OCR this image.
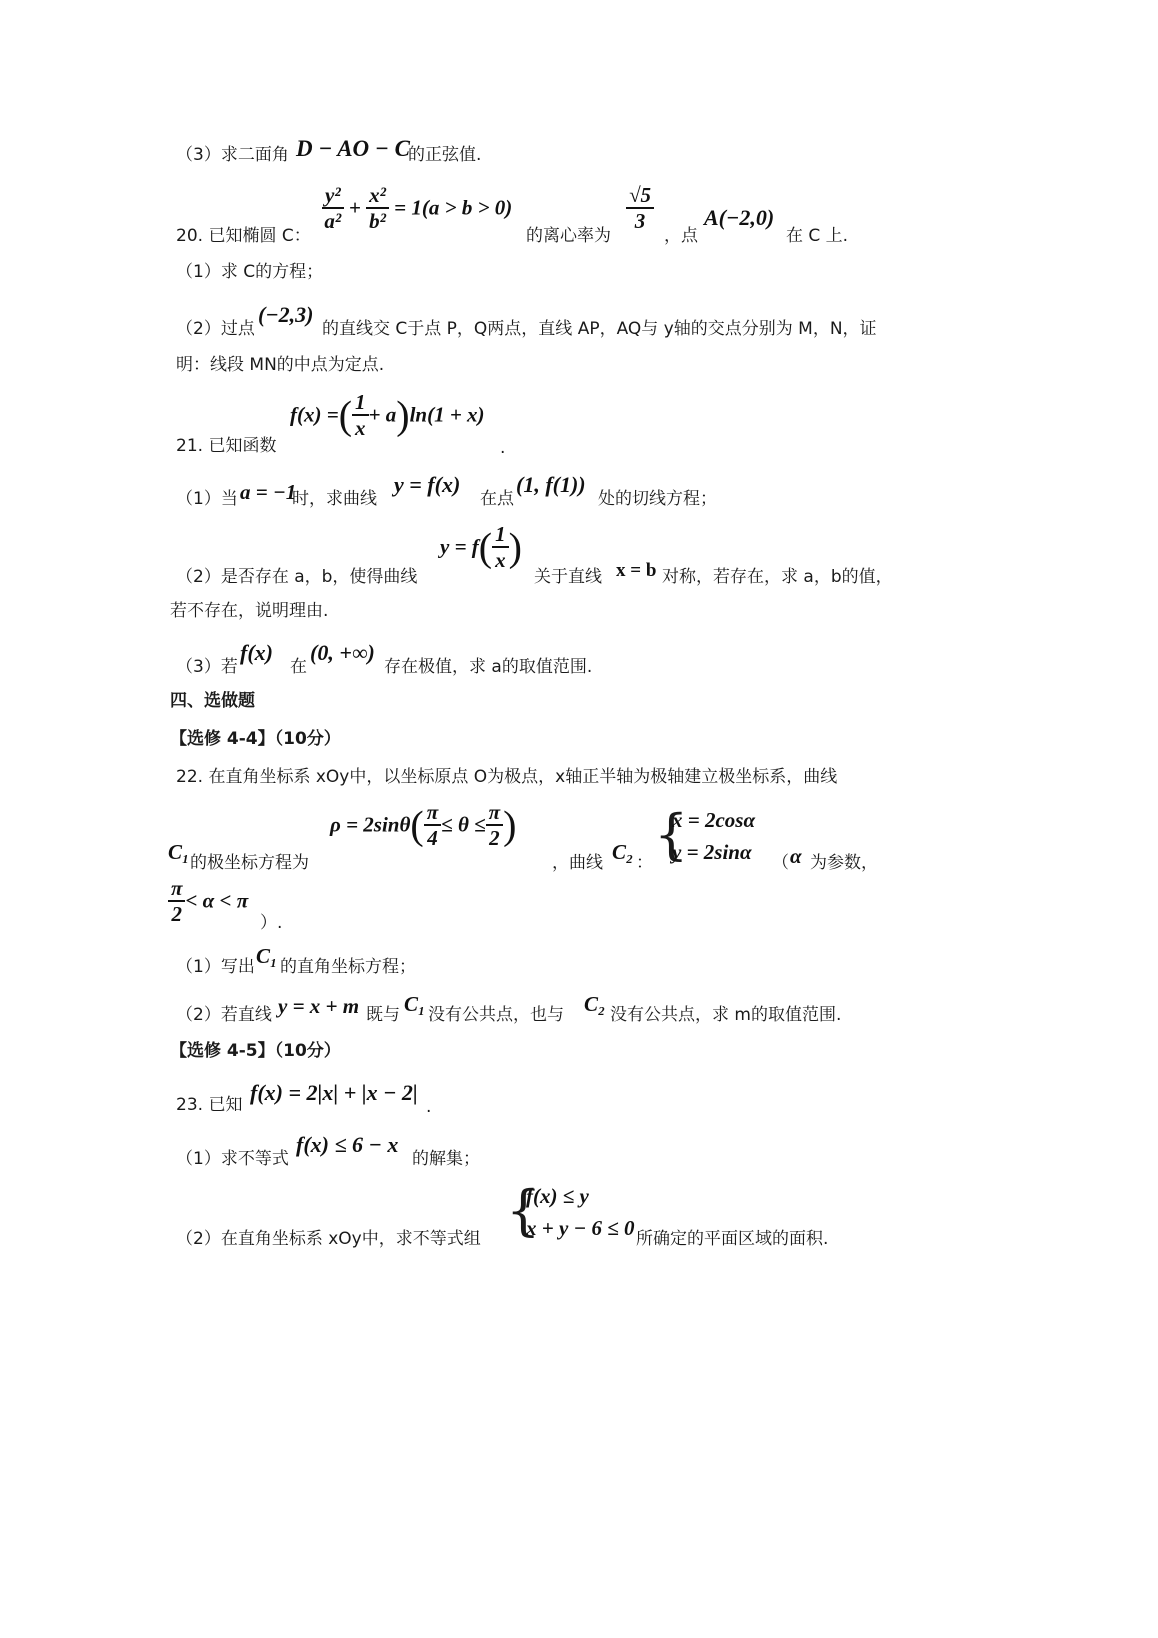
（3）求二面角 D − AO − C
的正弦值.
20. 已知椭圆 C：
$\frac{\text{y²}}{\text{a²}} + \frac{\text{x²}}{\text{b²}} = 1(a > b > 0)$
的离心率为
$\frac{√5}{3}$
，点
A(−2,0)
在 C 上.
（1）求 C的方程；
（2）过点
(−2,3)
的直线交 C于点 P，Q两点，直线 AP，AQ与 y轴的交点分别为 M，N，证
明：线段 MN的中点为定点.
21. 已知函数
f(x) =( $\frac{1}{x} + a)\ln(1 + x)$
.
（1）当 a = −1
时，求曲线
y = f(x)
在点
(1, f(1))
处的切线方程；
（2）是否存在 a，b，使得曲线
$y = f( \frac{1}{x}$ )
关于直线 x = b 对称，若存在，求 a，b的值，
若不存在，说明理由.
（3）若
f(x)
在
(0, +∞)
存在极值，求 a的取值范围.
四、选做题
【选修 4-4】（10分）
22. 在直角坐标系 xOy中，以坐标原点 O为极点，x轴正半轴为极轴建立极坐标系，曲线
C₁ 的极坐标方程为
$\rho = 2\sin\theta( \frac{\pi}{4} \le \theta \le \frac{\pi}{2}$ )
，曲线 C₂ ： {
x = 2cosα
y = 2sinα （ α 为参数，
$\frac{\pi}{2} < \alpha < \pi$
）.
（1）写出 C₁ 的直角坐标方程；
（2）若直线 y = x + m 既与 C₁ 没有公共点，也与 C₂ 没有公共点，求 m的取值范围.
【选修 4-5】（10分）
23. 已知 f(x) = 2|x| + |x − 2|
.
（1）求不等式
f(x) ≤ 6 − x
的解集；
（2）在直角坐标系 xOy中，求不等式组 {
f(x) ≤ y
x + y − 6 ≤ 0 所确定的平面区域的面积.
